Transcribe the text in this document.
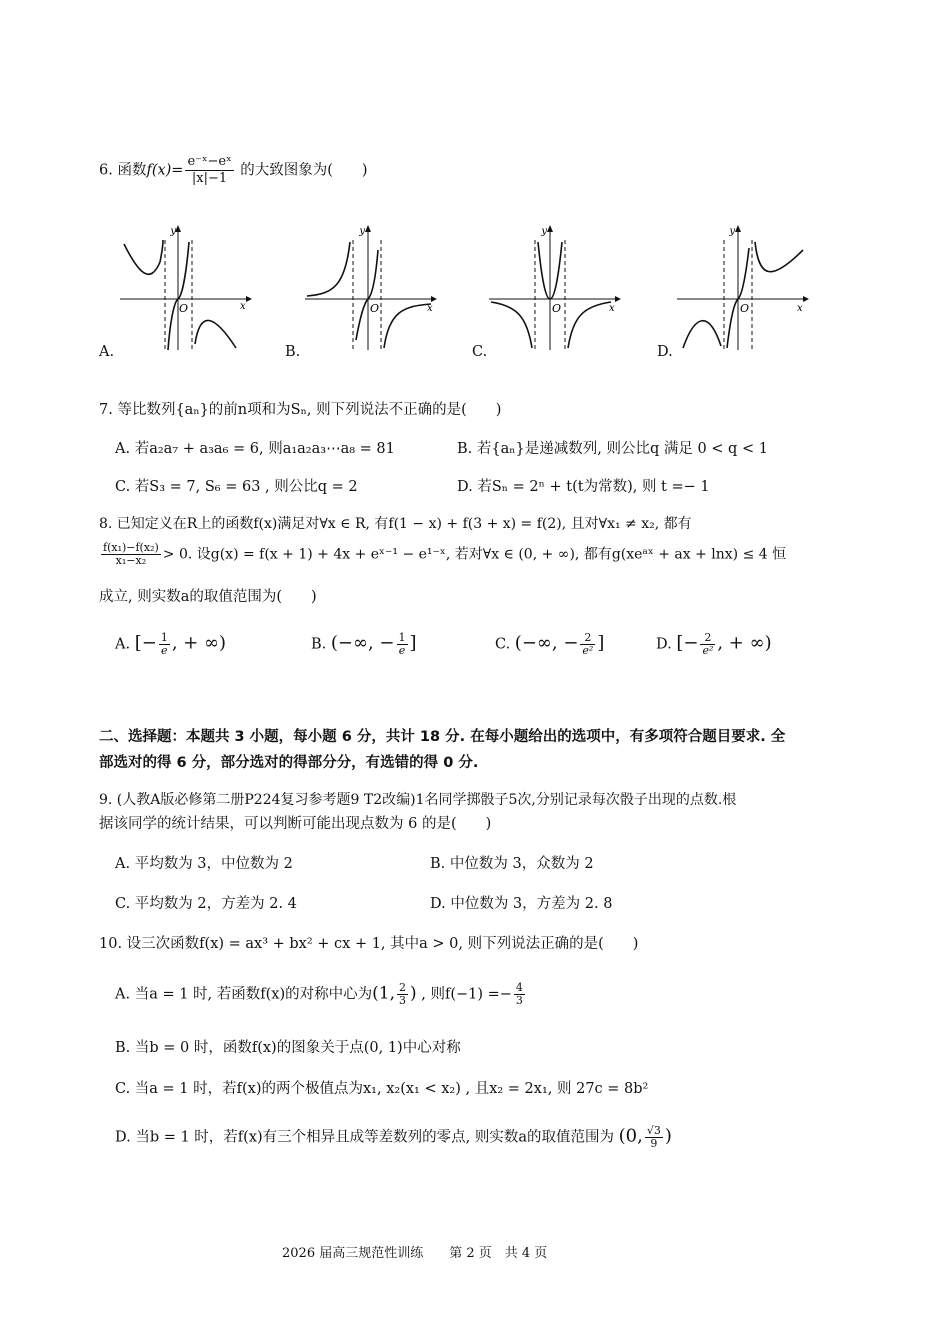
6. 函数$f(x)= \frac{\text{e⁻ˣ−eˣ}}{|x|-1}$ 的大致图象为(　　)
y
x
O
A.
y
x
O
B.
y
x
O
C.
y
x
O
D.
7. 等比数列{aₙ}的前n项和为Sₙ, 则下列说法不正确的是(　　)
A. 若a₂a₇ + a₃a₆ = 6, 则a₁a₂a₃⋯a₈ = 81	B. 若{aₙ}是递减数列, 则公比q 满足 0 < q < 1
C. 若S₃ = 7, S₆ = 63 , 则公比q = 2	D. 若Sₙ = 2ⁿ + t(t为常数), 则 t =− 1
8. 已知定义在R上的函数f(x)满足对∀x ∈ R, 有f(1 − x) + f(3 + x) = f(2), 且对∀x₁ ≠ x₂, 都有
$\frac{\text{f(x₁)−f(x₂)}}{\text{x₁−x₂}} > 0$. 设g(x) = f(x + 1) + 4x + eˣ⁻¹ − e¹⁻ˣ, 若对∀x ∈ (0, + ∞), 都有g(xeᵃˣ + ax + lnx) ≤ 4 恒
成立, 则实数a的取值范围为(　　)
A. [− $\frac{1}{e}$ , + ∞)	B. (−∞, − $\frac{1}{e}$ ]	C. (−∞, − $\frac{2}{\text{e²}}$ ]	D. [− $\frac{2}{\text{e²}}$ , + ∞)
二、选择题：本题共 3 小题，每小题 6 分，共计 18 分. 在每小题给出的选项中，有多项符合题目要求. 全
部选对的得 6 分，部分选对的得部分分，有选错的得 0 分.
9. (人教A版必修第二册P224复习参考题9 T2改编)1名同学掷骰子5次,分别记录每次骰子出现的点数.根
据该同学的统计结果，可以判断可能出现点数为 6 的是(　　)
A. 平均数为 3，中位数为 2	B. 中位数为 3，众数为 2
C. 平均数为 2，方差为 2. 4	D. 中位数为 3，方差为 2. 8
10. 设三次函数f(x) = ax³ + bx² + cx + 1, 其中a > 0, 则下列说法正确的是(　　)
A. 当a = 1 时, 若函数f(x)的对称中心为(1, $\frac{2}{3}$ ) , 则$f(-1) =- \frac{4}{3}$
B. 当b = 0 时，函数f(x)的图象关于点(0, 1)中心对称
C. 当a = 1 时，若f(x)的两个极值点为x₁, x₂(x₁ < x₂) , 且x₂ = 2x₁, 则 27c = 8b²
D. 当b = 1 时，若f(x)有三个相异且成等差数列的零点, 则实数a的取值范围为 (0, $\frac{√3}{9}$ )
2026 届高三规范性训练　　第 2 页　共 4 页
